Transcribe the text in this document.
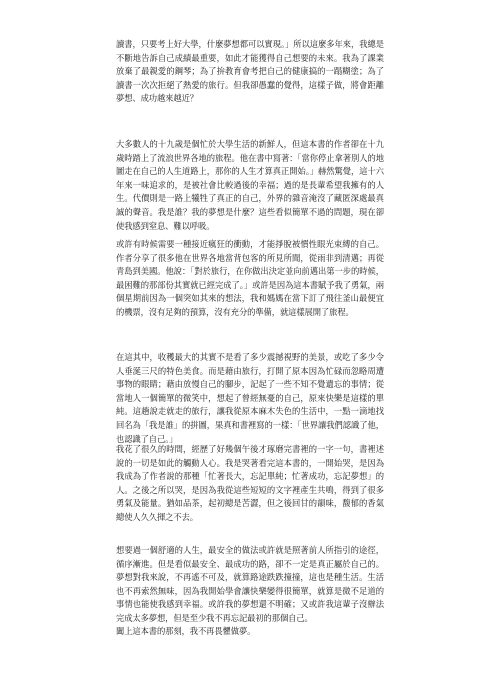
讀書，只要考上好大學，什麼夢想都可以實現。」所以這麼多年來，我總是不斷地告訴自己成績最重要，如此才能獲得自己想要的未來。我為了課業放棄了最親愛的鋼琴；為了拚教育會考把自己的健康搞的一蹋糊塗；為了讀書一次次拒絕了熱愛的旅行。但我卻愚蠢的覺得，這樣子做，將會距離夢想、成功越來越近？

大多數人的十九歲是個忙於大學生活的新鮮人，但這本書的作者卻在十九歲時踏上了流浪世界各地的旅程。他在書中寫著：「當你停止拿著別人的地圖走在自己的人生道路上，那你的人生才算真正開始。」赫然驚覺，這十六年來一味追求的，是被社會比較過後的幸福；過的是長輩希望我擁有的人生。代價則是一路上犧牲了真正的自己，外界的雜音淹沒了藏匿深處最真誠的聲音。我是誰？我的夢想是什麼？這些看似簡單不過的問題，現在卻使我感到窒息、難以呼吸。

或許有時候需要一種接近瘋狂的衝動，才能掙脫被慣性眼光束縛的自己。作者分享了很多他在世界各地當背包客的所見所聞，從雨非到清邁；再從青島到美國。他說：「對於旅行，在你做出決定並向前邁出第一步的時候，最困難的那部份其實就已經完成了。」或許是因為這本書賦予我了勇氣，兩個星期前因為一個突如其來的想法，我和媽媽在當下訂了飛往釜山最便宜的機票，沒有足夠的預算，沒有充分的準備，就這樣展開了旅程。

在這其中，收穫最大的其實不是看了多少震撼視野的美景，或吃了多少令人垂涎三尺的特色美食。而是藉由旅行，打開了原本因為忙碌而忽略周遭事物的眼睛；藉由放慢自己的腳步，記起了一些不知不覺遺忘的事情；從當地人一個簡單的微笑中，想起了曾經無憂的自己，原來快樂是這樣的單純。這趟說走就走的旅行，讓我從原本麻木失色的生活中，一點一滴地找回名為「我是誰」的拼圖，果真和書裡寫的一樣：「世界讓我們認識了他，也認識了自己。」

我花了很久的時間，經歷了好幾個午後才琢磨完書裡的一字一句，書裡述說的一切是如此的觸動人心。我是哭著看完這本書的，一開始哭，是因為我成為了作者說的那種「忙著長大，忘記單純；忙著成功，忘記夢想」的人。之後之所以哭，是因為我從這些短短的文字裡產生共鳴，得到了很多勇氣及能量。猶如品茶，起初總是苦澀，但之後回甘的韻味，馥郁的香氣總使人久久揮之不去。

想要過一個舒適的人生，最安全的做法或許就是照著前人所指引的途徑，循序漸進。但是看似最安全、最成功的路，卻不一定是真正屬於自己的。夢想對我來說，不再遙不可及，就算路途跌跌撞撞，這也是種生活。生活也不再索然無味，因為我開始學會讓快樂變得很簡單，就算是微不足道的事情也能使我感到幸福。或許我的夢想還不明確；又或許我這輩子沒辦法完成太多夢想，但是至少我不再忘記最初的那個自己。

闔上這本書的那刻，我不再畏懼做夢。
